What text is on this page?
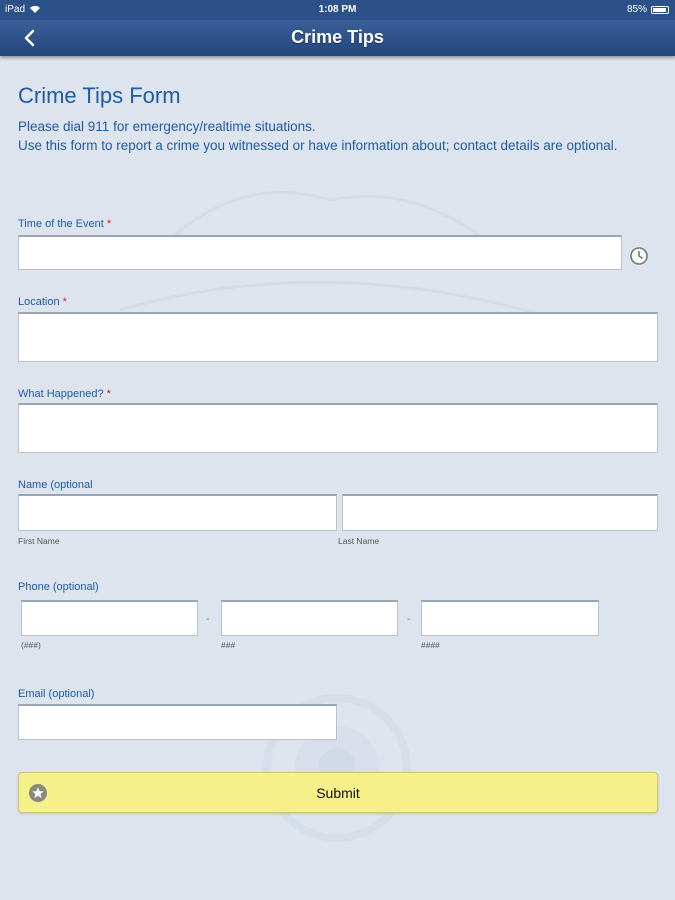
iPad	1:08 PM	85%
Crime Tips
Crime Tips Form

Please dial 911 for emergency/realtime situations.

Use this form to report a crime you witnessed or have information about; contact details are optional.

Time of the Event *
Location *
What Happened? *
Name (optional
First Name	Last Name
Phone (optional)
-	-
(###)	###	####
Email (optional)
Submit
